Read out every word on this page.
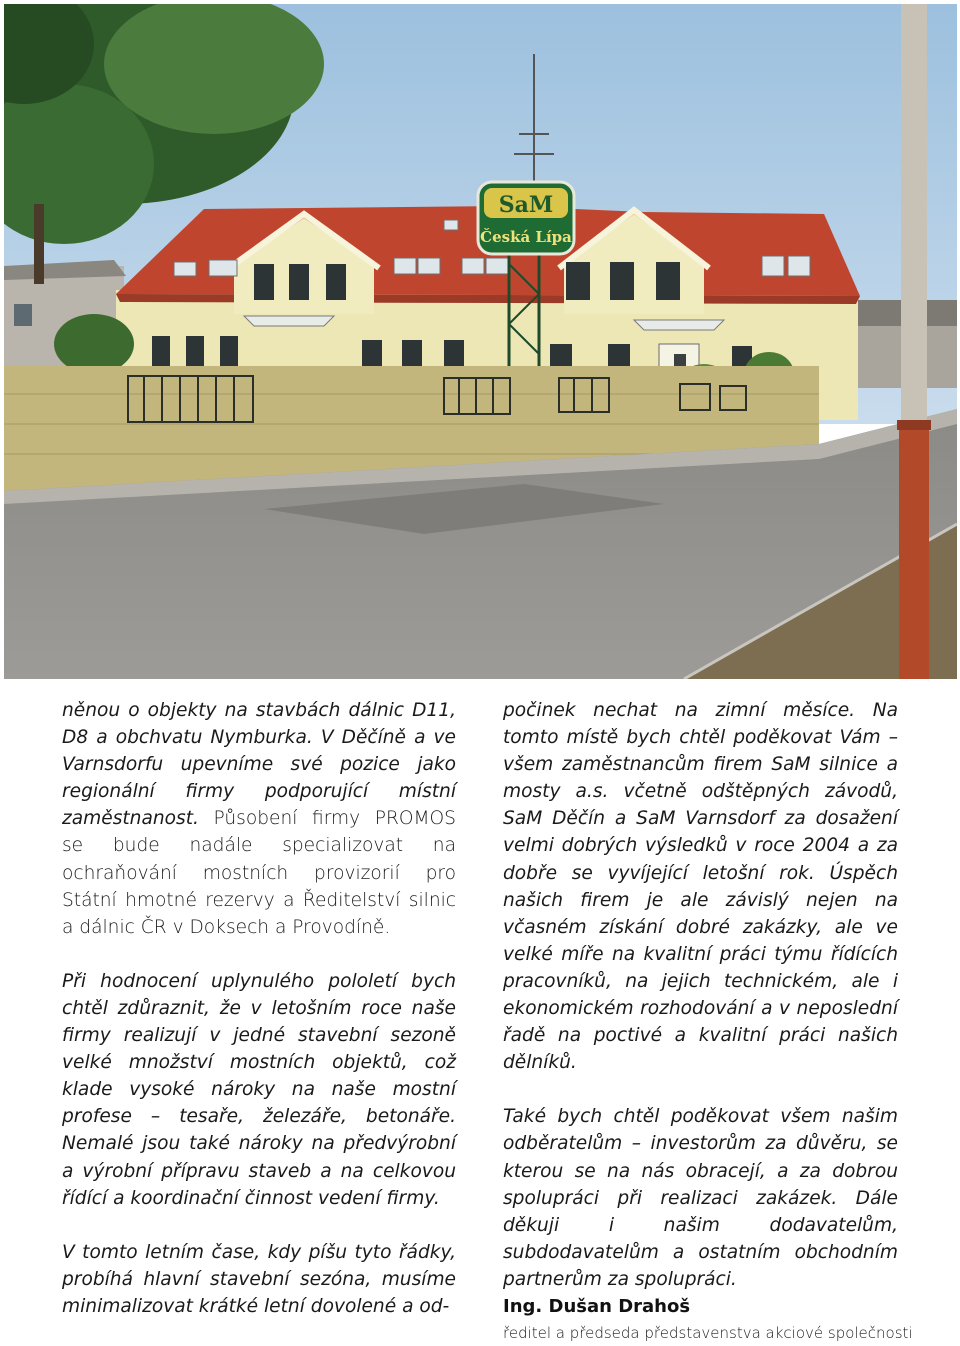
SaM
Česká Lípa

něnou o objekty na stavbách dálnic D11, D8 a obchvatu Nymburka. V Děčíně a ve Varnsdorfu upevníme své pozice jako regionální firmy podporující místní zaměstnanost. Působení firmy PROMOS se bude nadále specializovat na ochraňování mostních provizorií pro Státní hmotné rezervy a Ředitelství silnic a dálnic ČR v Doksech a Provodíně.

Při hodnocení uplynulého pololetí bych chtěl zdůraznit, že v letošním roce naše firmy realizují v jedné stavební sezoně velké množství mostních objektů, což klade vysoké nároky na naše mostní profese – tesaře, železáře, betonáře. Nemalé jsou také nároky na předvýrobní a výrobní přípravu staveb a na celkovou řídící a koordinační činnost vedení firmy.

V tomto letním čase, kdy píšu tyto řádky, probíhá hlavní stavební sezóna, musíme minimalizovat krátké letní dovolené a od-

počinek nechat na zimní měsíce. Na tomto místě bych chtěl poděkovat Vám – všem zaměstnancům firem SaM silnice a mosty a.s. včetně odštěpných závodů, SaM Děčín a SaM Varnsdorf za dosažení velmi dobrých výsledků v roce 2004 a za dobře se vyvíjející letošní rok. Úspěch našich firem je ale závislý nejen na včasném získání dobré zakázky, ale ve velké míře na kvalitní práci týmu řídících pracovníků, na jejich technickém, ale i ekonomickém rozhodování a v neposlední řadě na poctivé a kvalitní práci našich dělníků.

Také bych chtěl poděkovat všem našim odběratelům – investorům za důvěru, se kterou se na nás obracejí, a za dobrou spolupráci při realizaci zakázek. Dále děkuji i našim dodavatelům, subdodavatelům a ostatním obchodním partnerům za spolupráci.

Ing. Dušan Drahoš

ředitel a předseda představenstva akciové společnosti
